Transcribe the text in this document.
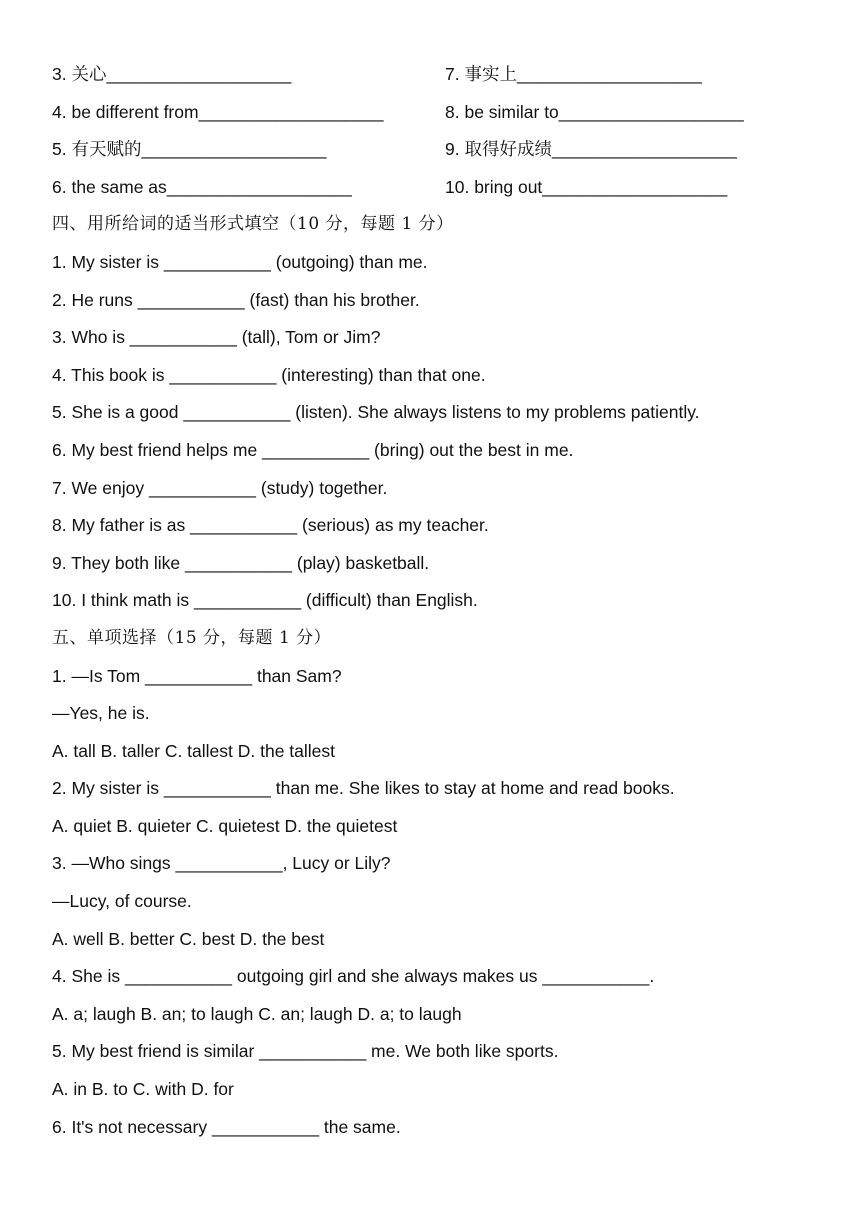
3. 关心___________________	7. 事实上___________________
4. be different from___________________	8. be similar to___________________
5. 有天赋的___________________	9. 取得好成绩___________________
6. the same as___________________	10. bring out___________________
四、用所给词的适当形式填空（10 分，每题 1 分）
1. My sister is ___________ (outgoing) than me.
2. He runs ___________ (fast) than his brother.
3. Who is ___________ (tall), Tom or Jim?
4. This book is ___________ (interesting) than that one.
5. She is a good ___________ (listen). She always listens to my problems patiently.
6. My best friend helps me ___________ (bring) out the best in me.
7. We enjoy ___________ (study) together.
8. My father is as ___________ (serious) as my teacher.
9. They both like ___________ (play) basketball.
10. I think math is ___________ (difficult) than English.
五、单项选择（15 分，每题 1 分）
1. —Is Tom ___________ than Sam?
—Yes, he is.
A. tall B. taller C. tallest D. the tallest
2. My sister is ___________ than me. She likes to stay at home and read books.
A. quiet B. quieter C. quietest D. the quietest
3. —Who sings ___________, Lucy or Lily?
—Lucy, of course.
A. well B. better C. best D. the best
4. She is ___________ outgoing girl and she always makes us ___________.
A. a; laugh B. an; to laugh C. an; laugh D. a; to laugh
5. My best friend is similar ___________ me. We both like sports.
A. in B. to C. with D. for
6. It's not necessary ___________ the same.
